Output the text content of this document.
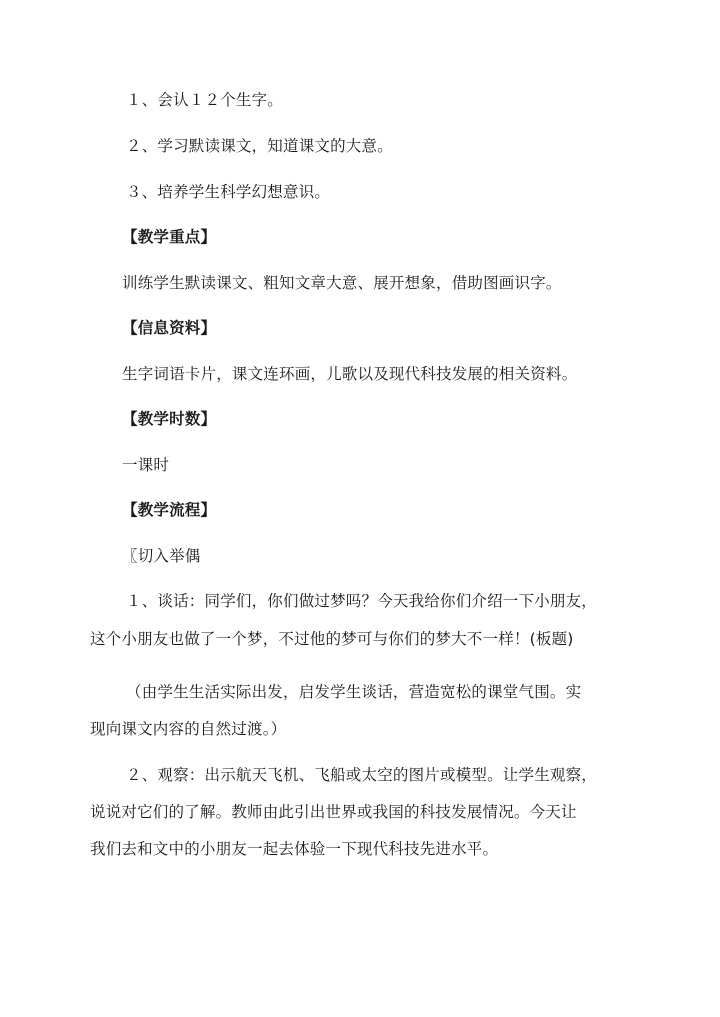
１、会认１２个生字。
２、学习默读课文，知道课文的大意。
３、培养学生科学幻想意识。
【教学重点】
训练学生默读课文、粗知文章大意、展开想象，借助图画识字。
【信息资料】
生字词语卡片，课文连环画，儿歌以及现代科技发展的相关资料。
【教学时数】
一课时
【教学流程】
〖切入举偶
１、谈话：同学们，你们做过梦吗？今天我给你们介绍一下小朋友，
这个小朋友也做了一个梦，不过他的梦可与你们的梦大不一样！(板题)
（由学生生活实际出发，启发学生谈话，营造宽松的课堂气围。实
现向课文内容的自然过渡。）
２、观察：出示航天飞机、飞船或太空的图片或模型。让学生观察，
说说对它们的了解。教师由此引出世界或我国的科技发展情况。今天让
我们去和文中的小朋友一起去体验一下现代科技先进水平。
